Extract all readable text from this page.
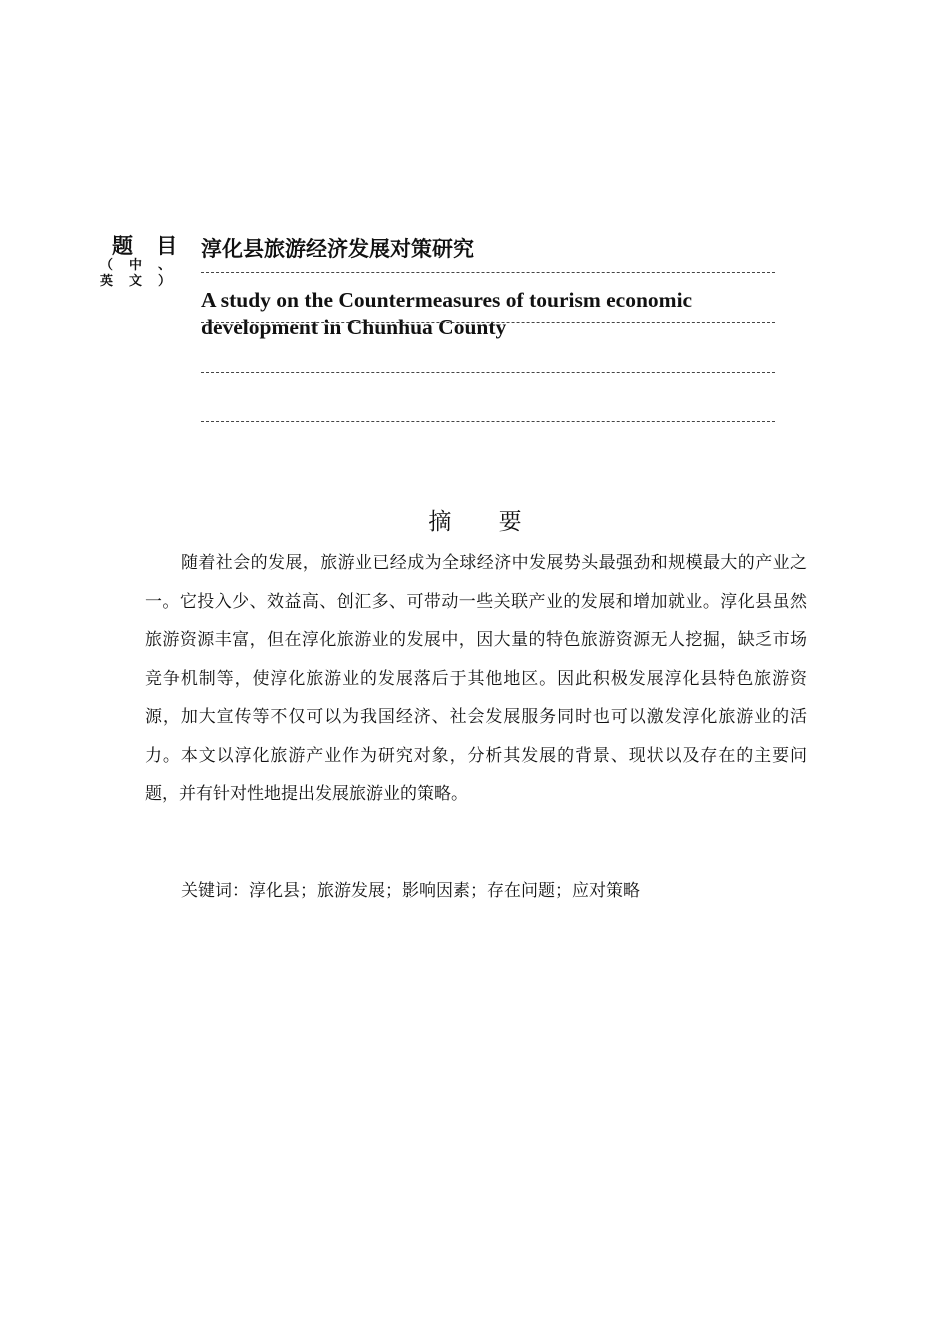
题 目
（中、英文）
淳化县旅游经济发展对策研究
A study on the Countermeasures of tourism economic development in Chunhua County
摘 要

随着社会的发展，旅游业已经成为全球经济中发展势头最强劲和规模最大的产业之一。它投入少、效益高、创汇多、可带动一些关联产业的发展和增加就业。淳化县虽然旅游资源丰富，但在淳化旅游业的发展中，因大量的特色旅游资源无人挖掘，缺乏市场竞争机制等，使淳化旅游业的发展落后于其他地区。因此积极发展淳化县特色旅游资源，加大宣传等不仅可以为我国经济、社会发展服务同时也可以激发淳化旅游业的活力。本文以淳化旅游产业作为研究对象，分析其发展的背景、现状以及存在的主要问题，并有针对性地提出发展旅游业的策略。

关键词：淳化县；旅游发展；影响因素；存在问题；应对策略
